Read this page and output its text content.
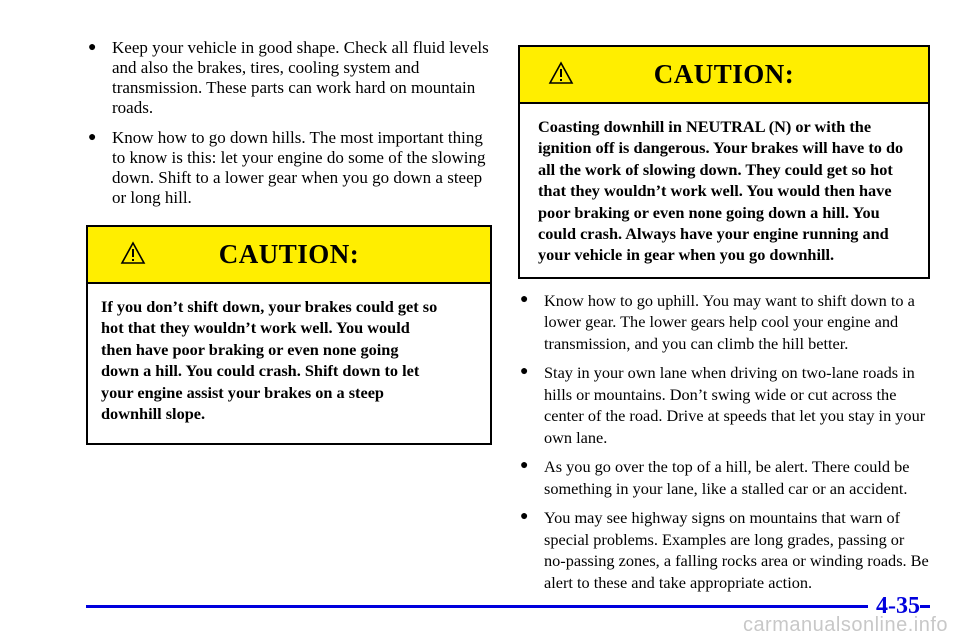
● Keep your vehicle in good shape. Check all fluid levels and also the brakes, tires, cooling system and transmission. These parts can work hard on mountain roads.
● Know how to go down hills. The most important thing to know is this: let your engine do some of the slowing down. Shift to a lower gear when you go down a steep or long hill.
CAUTION:
If you don’t shift down, your brakes could get so hot that they wouldn’t work well. You would then have poor braking or even none going down a hill. You could crash. Shift down to let your engine assist your brakes on a steep downhill slope.
CAUTION:
Coasting downhill in NEUTRAL (N) or with the ignition off is dangerous. Your brakes will have to do all the work of slowing down. They could get so hot that they wouldn’t work well. You would then have poor braking or even none going down a hill. You could crash. Always have your engine running and your vehicle in gear when you go downhill.
● Know how to go uphill. You may want to shift down to a lower gear. The lower gears help cool your engine and transmission, and you can climb the hill better.
● Stay in your own lane when driving on two-lane roads in hills or mountains. Don’t swing wide or cut across the center of the road. Drive at speeds that let you stay in your own lane.
● As you go over the top of a hill, be alert. There could be something in your lane, like a stalled car or an accident.
● You may see highway signs on mountains that warn of special problems. Examples are long grades, passing or no-passing zones, a falling rocks area or winding roads. Be alert to these and take appropriate action.
4-35
carmanualsonline.info
